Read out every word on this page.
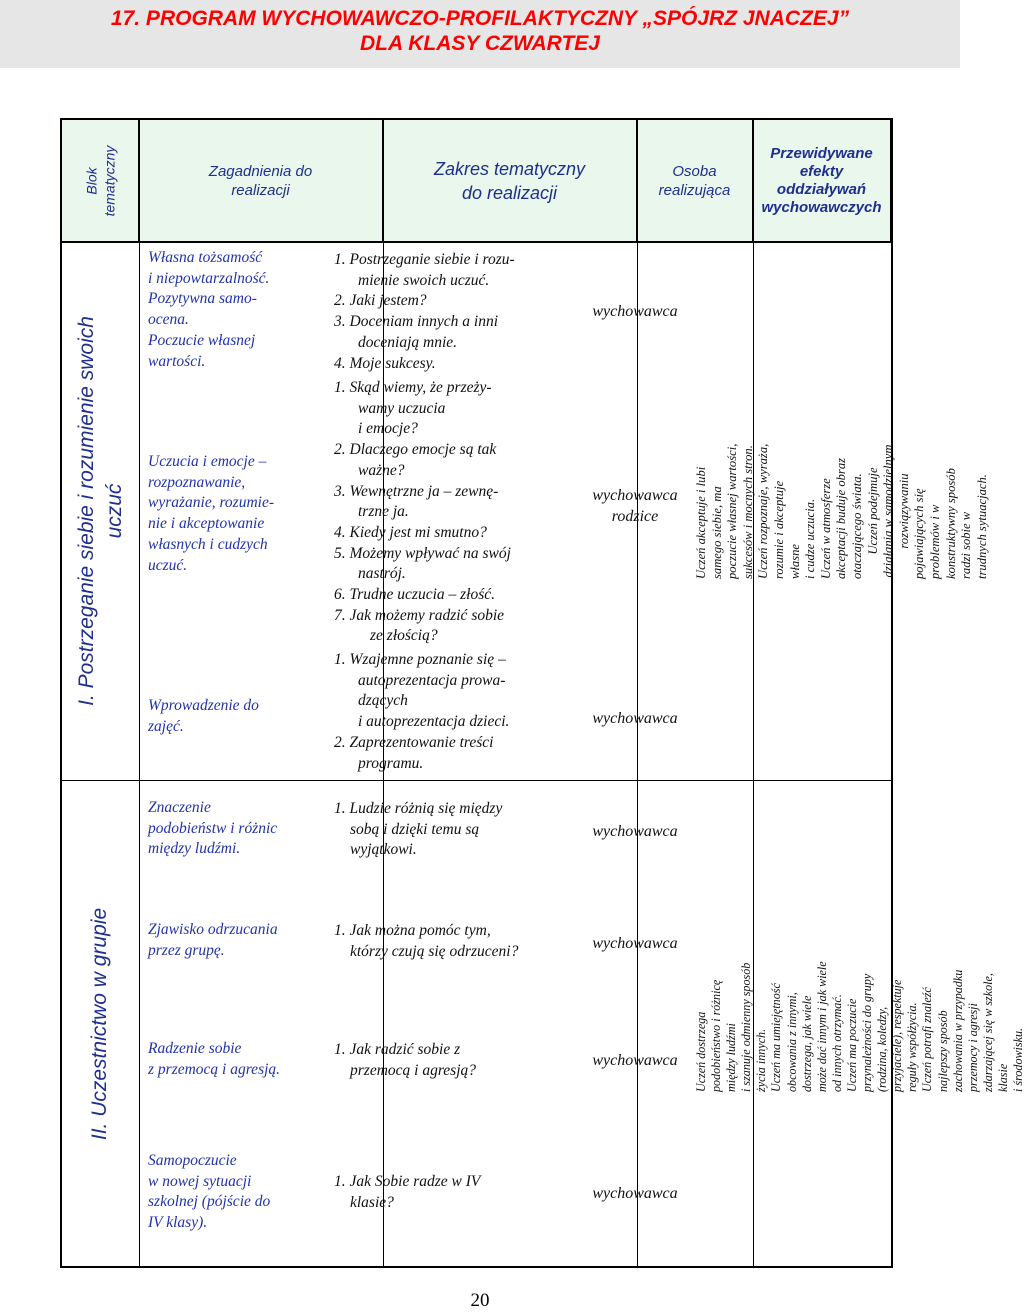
17. PROGRAM WYCHOWAWCZO-PROFILAKTYCZNY „SPÓJRZ JNACZEJ”
DLA KLASY CZWARTEJ
Blok tematyczny	Zagadnienia do
realizacji
Zakres tematyczny
do realizacji
Osoba
realizująca
Przewidywane efekty
oddziaływań
wychowawczych
I. Postrzeganie siebie i rozumienie swoich uczuć
Własna tożsamość
i niepowtarzalność.
Pozytywna samo-
ocena.
Poczucie własnej
wartości.
Uczucia i emocje –
rozpoznawanie,
wyrażanie, rozumie-
nie i akceptowanie
własnych i cudzych
uczuć.
Wprowadzenie do
zajęć.
1. Postrzeganie siebie i rozu-
mienie swoich uczuć.
2. Jaki jestem?
3. Doceniam innych a inni
doceniają mnie.
4. Moje sukcesy.
1. Skąd wiemy, że przeży-
wamy uczucia
i emocje?
2. Dlaczego emocje są tak
ważne?
3. Wewnętrzne ja – zewnę-
trzne ja.
4. Kiedy jest mi smutno?
5. Możemy wpływać na swój
nastrój.
6. Trudne uczucia – złość.
7. Jak możemy radzić sobie
ze złością?
1. Wzajemne poznanie się –
autoprezentacja prowa-
dzących
i autoprezentacja dzieci.
2. Zaprezentowanie treści
programu.
wychowawca
wychowawca
rodzice
wychowawca
Uczeń akceptuje i lubi samego siebie, ma poczucie własnej wartości, sukcesów i mocnych stron. Uczeń rozpoznaje, wyraża, rozumie i akceptuje własne i cudze uczucia. Uczeń w atmosferze akceptacji buduje obraz otaczającego świata. Uczeń podejmuje działania w samodzielnym rozwiązywaniu pojawiających się problemów i w konstruktywny sposób radzi sobie w trudnych sytuacjach.
II. Uczestnictwo w grupie
Znaczenie
podobieństw i różnic
między ludźmi.
Zjawisko odrzucania
przez grupę.
Radzenie sobie
z przemocą i agresją.
Samopoczucie
w nowej sytuacji
szkolnej (pójście do
IV klasy).
1. Ludzie różnią się między
sobą i dzięki temu są
wyjątkowi.
1. Jak można pomóc tym,
którzy czują się odrzuceni?
1. Jak radzić sobie z
przemocą i agresją?
1. Jak Sobie radze w IV
klasie?
wychowawca
wychowawca
wychowawca
wychowawca
Uczeń dostrzega podobieństwo i różnicę między ludźmi i szanuje odmienny sposób życia innych. Uczeń ma umiejętność obcowania z innymi, dostrzega, jak wiele może dać innym i jak wiele od innych otrzymać. Uczeń ma poczucie przynależności do grupy (rodzina, koledzy, przyjaciele), respektuje reguły współżycia. Uczeń potrafi znaleźć najlepszy sposób zachowania w przypadku przemocy i agresji zdarzającej się w szkole, klasie i środowisku.
20
